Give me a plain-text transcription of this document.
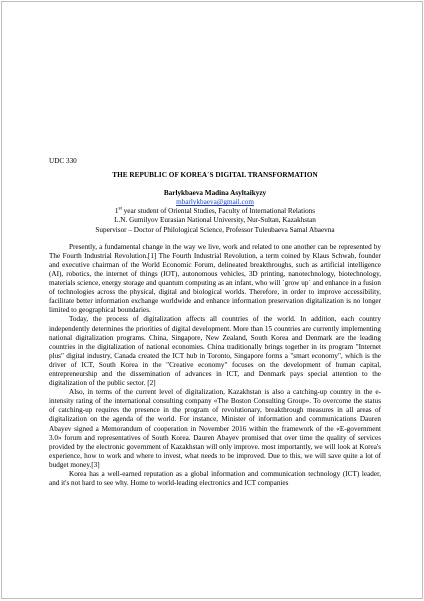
UDC 330

THE REPUBLIC OF KOREA`S DIGITAL TRANSFORMATION

Barlykbaeva Madina Asyltaikyzy

mbarlykbaeva@gmail.com

1st year student of Oriental Studies, Faculty of International Relations

L.N. Gumilyov Eurasian National University, Nur-Sultan, Kazakhstan

Supervisor – Doctor of Philological Science, Professor Tuleubaeva Samal Abaevna

Presently, a fundamental change in the way we live, work and related to one another can be represented by The Fourth Industrial Revolution.[1] The Fourth Industrial Revolution, a term coined by Klaus Schwab, founder and executive chairman of the World Economic Forum, delineated breakthroughs, such as artificial intelligence (AI), robotics, the internet of things (IOT), autonomous vehicles, 3D printing, nanotechnology, biotechnology, materials science, energy storage and quantum computing as an infant, who will `grow up` and enhance in a fusion of technologies across the physical, digital and biological worlds. Therefore, in order to improve accessibility, facilitate better information exchange worldwide and enhance information preservation digitalization is no longer limited to geographical boundaries.

Today, the process of digitalization affects all countries of the world. In addition, each country independently determines the priorities of digital development. More than 15 countries are currently implementing national digitalization programs. China, Singapore, New Zealand, South Korea and Denmark are the leading countries in the digitalization of national economies. China traditionally brings together in its program "Internet plus" digital industry, Canada created the ICT hub in Toronto, Singapore forms a "smart economy", which is the driver of ICT, South Korea in the "Creative economy" focuses on the development of human capital, entrepreneurship and the dissemination of advances in ICT, and Denmark pays special attention to the digitalization of the public sector. [2]

Also, in terms of the current level of digitalization, Kazakhstan is also a catching-up country in the e-intensity rating of the international consulting company «The Boston Consulting Group». To overcome the status of catching-up requires the presence in the program of revolutionary, breakthrough measures in all areas of digitalization on the agenda of the world. For instance, Minister of information and communications Dauren Abayev signed a Memorandum of cooperation in November 2016 within the framework of the «E-government 3.0» forum and representatives of South Korea. Dauren Abayev promised that over time the quality of services provided by the electronic government of Kazakhstan will only improve. most importantly, we will look at Korea's experience, how to work and where to invest, what needs to be improved. Due to this, we will save quite a lot of budget money.[3]

Korea has a well-earned reputation as a global information and communication technology (ICT) leader, and it's not hard to see why. Home to world-leading electronics and ICT companies
